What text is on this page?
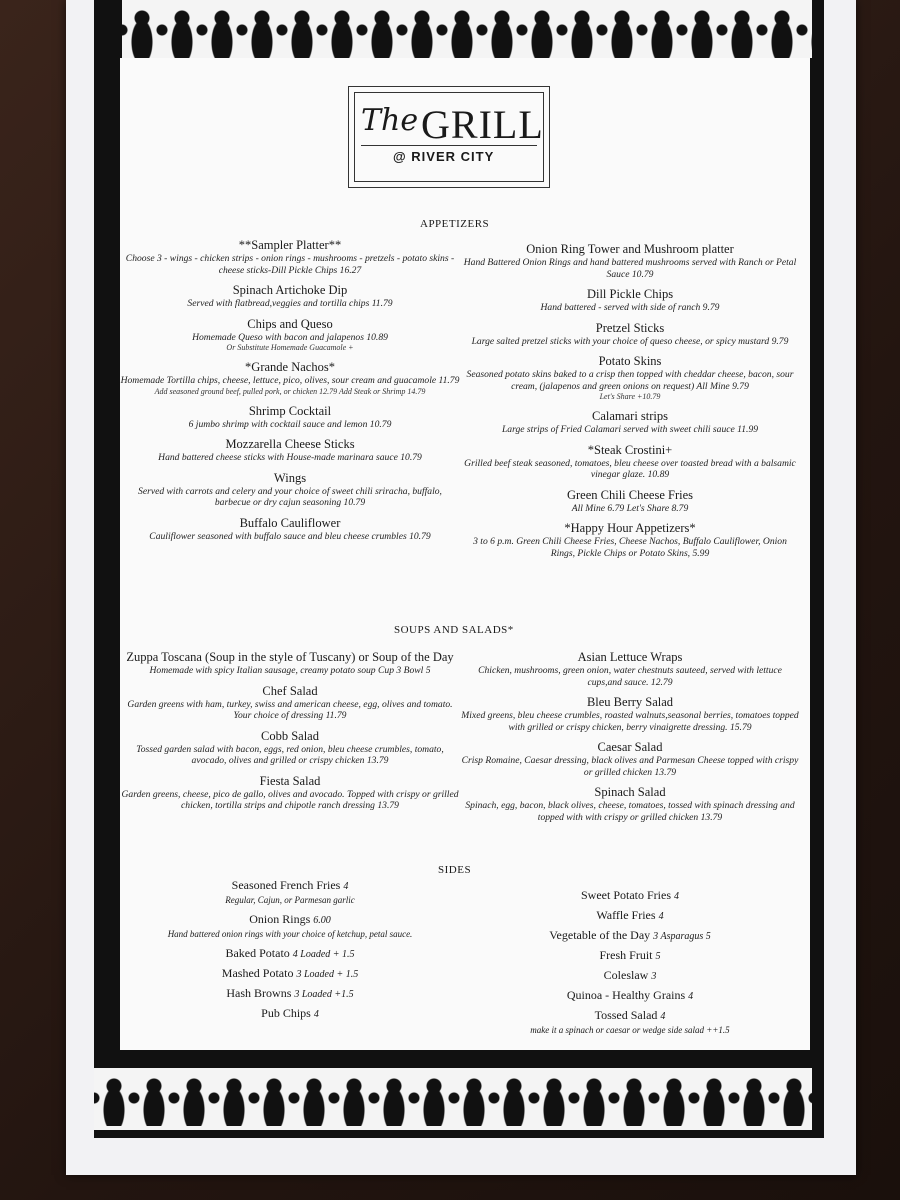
The GRILL
@ RIVER CITY
APPETIZERS
**Sampler Platter**
Choose 3 - wings - chicken strips - onion rings - mushrooms - pretzels - potato skins - cheese sticks-Dill Pickle Chips 16.27
Spinach Artichoke Dip
Served with flatbread,veggies and tortilla chips 11.79
Chips and Queso
Homemade Queso with bacon and jalapenos 10.89
Or Substitute Homemade Guacamole +
*Grande Nachos*
Homemade Tortilla chips, cheese, lettuce, pico, olives, sour cream and guacamole 11.79
Add seasoned ground beef, pulled pork, or chicken 12.79 Add Steak or Shrimp 14.79
Shrimp Cocktail
6 jumbo shrimp with cocktail sauce and lemon 10.79
Mozzarella Cheese Sticks
Hand battered cheese sticks with House-made marinara sauce 10.79
Wings
Served with carrots and celery and your choice of sweet chili sriracha, buffalo, barbecue or dry cajun seasoning 10.79
Buffalo Cauliflower
Cauliflower seasoned with buffalo sauce and bleu cheese crumbles 10.79
Onion Ring Tower and Mushroom platter
Hand Battered Onion Rings and hand battered mushrooms served with Ranch or Petal Sauce 10.79
Dill Pickle Chips
Hand battered - served with side of ranch 9.79
Pretzel Sticks
Large salted pretzel sticks with your choice of queso cheese, or spicy mustard 9.79
Potato Skins
Seasoned potato skins baked to a crisp then topped with cheddar cheese, bacon, sour cream, (jalapenos and green onions on request) All Mine 9.79
Let's Share +10.79
Calamari strips
Large strips of Fried Calamari served with sweet chili sauce 11.99
*Steak Crostini+
Grilled beef steak seasoned, tomatoes, bleu cheese over toasted bread with a balsamic vinegar glaze. 10.89
Green Chili Cheese Fries
All Mine 6.79 Let's Share 8.79
*Happy Hour Appetizers*
3 to 6 p.m. Green Chili Cheese Fries, Cheese Nachos, Buffalo Cauliflower, Onion Rings, Pickle Chips or Potato Skins, 5.99
SOUPS AND SALADS*
Zuppa Toscana (Soup in the style of Tuscany) or Soup of the Day
Homemade with spicy Italian sausage, creamy potato soup Cup 3 Bowl 5
Chef Salad
Garden greens with ham, turkey, swiss and american cheese, egg, olives and tomato. Your choice of dressing 11.79
Cobb Salad
Tossed garden salad with bacon, eggs, red onion, bleu cheese crumbles, tomato, avocado, olives and grilled or crispy chicken 13.79
Fiesta Salad
Garden greens, cheese, pico de gallo, olives and avocado. Topped with crispy or grilled chicken, tortilla strips and chipotle ranch dressing 13.79
Asian Lettuce Wraps
Chicken, mushrooms, green onion, water chestnuts sauteed, served with lettuce cups,and sauce. 12.79
Bleu Berry Salad
Mixed greens, bleu cheese crumbles, roasted walnuts,seasonal berries, tomatoes topped with grilled or crispy chicken, berry vinaigrette dressing. 15.79
Caesar Salad
Crisp Romaine, Caesar dressing, black olives and Parmesan Cheese topped with crispy or grilled chicken 13.79
Spinach Salad
Spinach, egg, bacon, black olives, cheese, tomatoes, tossed with spinach dressing and topped with with crispy or grilled chicken 13.79
SIDES
Seasoned French Fries 4
Regular, Cajun, or Parmesan garlic
Onion Rings 6.00
Hand battered onion rings with your choice of ketchup, petal sauce.
Baked Potato 4 Loaded + 1.5
Mashed Potato 3 Loaded + 1.5
Hash Browns 3 Loaded +1.5
Pub Chips 4
Sweet Potato Fries 4
Waffle Fries 4
Vegetable of the Day 3 Asparagus 5
Fresh Fruit 5
Coleslaw 3
Quinoa - Healthy Grains 4
Tossed Salad 4
make it a spinach or caesar or wedge side salad ++1.5
